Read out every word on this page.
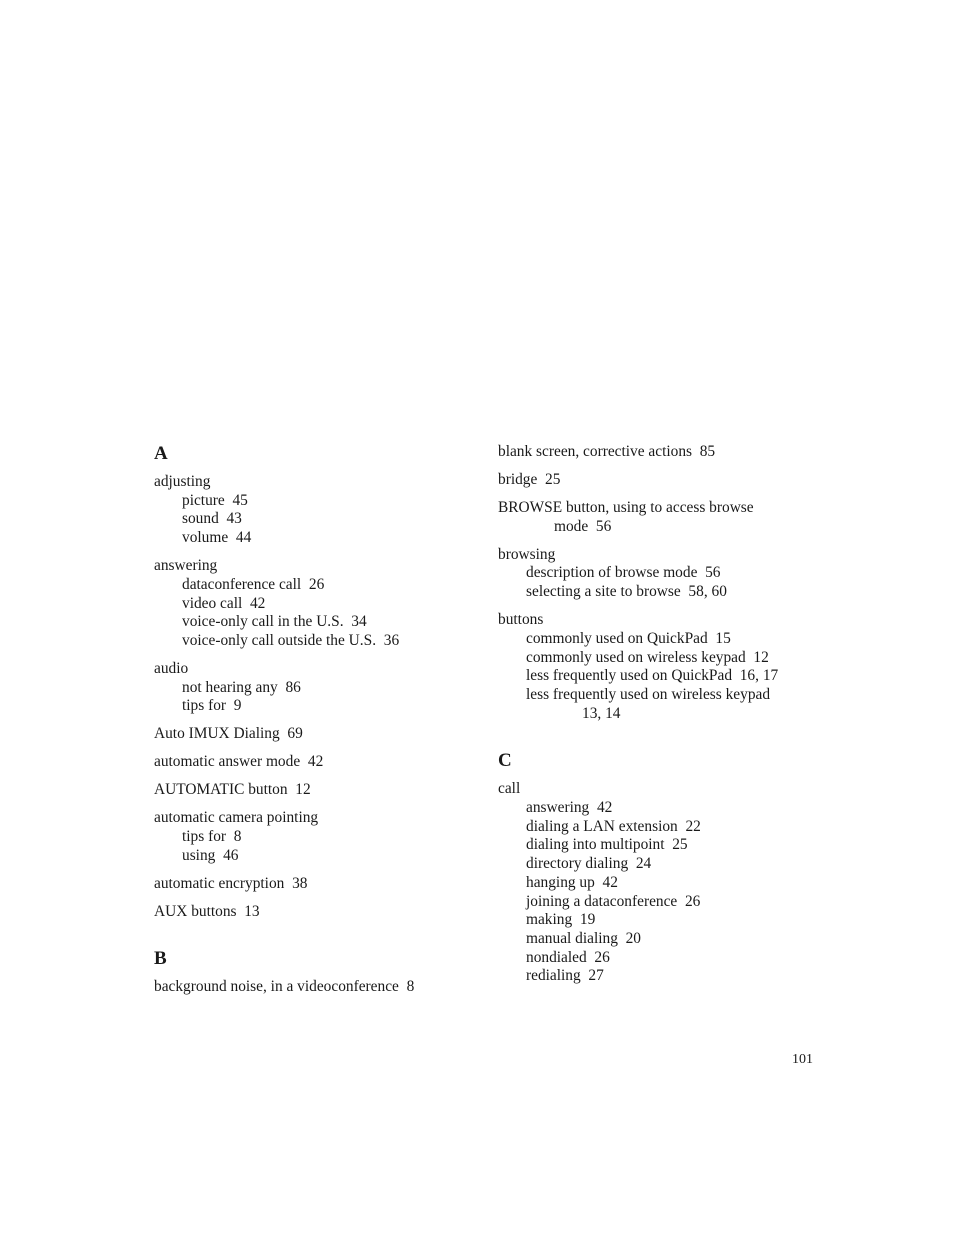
A
adjusting
picture 45
sound 43
volume 44
answering
dataconference call 26
video call 42
voice-only call in the U.S. 34
voice-only call outside the U.S. 36
audio
not hearing any 86
tips for 9
Auto IMUX Dialing 69
automatic answer mode 42
AUTOMATIC button 12
automatic camera pointing
tips for 8
using 46
automatic encryption 38
AUX buttons 13
B
background noise, in a videoconference 8
blank screen, corrective actions 85
bridge 25
BROWSE button, using to access browse
mode 56
browsing
description of browse mode 56
selecting a site to browse 58, 60
buttons
commonly used on QuickPad 15
commonly used on wireless keypad 12
less frequently used on QuickPad 16, 17
less frequently used on wireless keypad
13, 14
C
call
answering 42
dialing a LAN extension 22
dialing into multipoint 25
directory dialing 24
hanging up 42
joining a dataconference 26
making 19
manual dialing 20
nondialed 26
redialing 27
101
